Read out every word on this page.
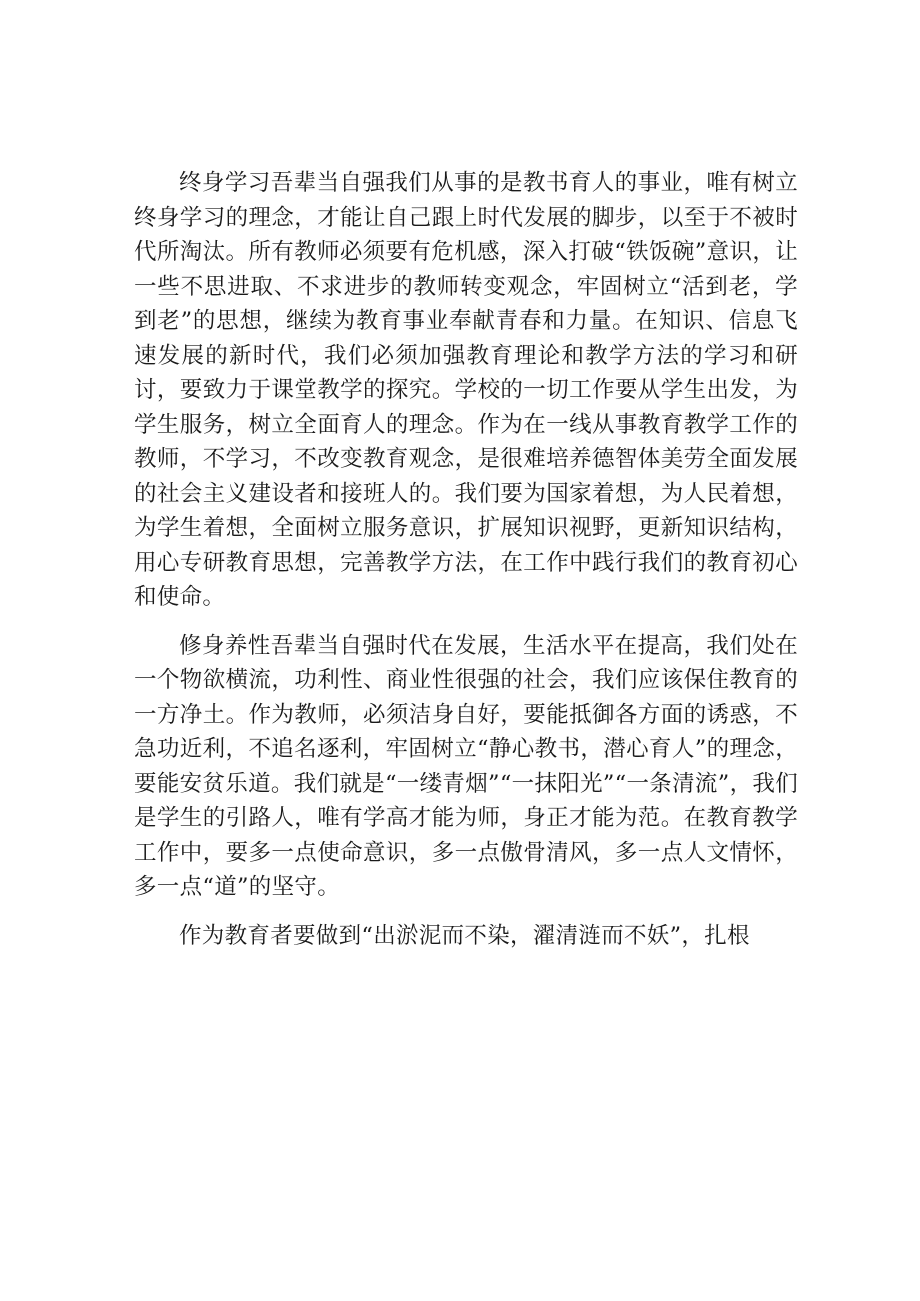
终身学习吾辈当自强我们从事的是教书育人的事业，唯有树立终身学习的理念，才能让自己跟上时代发展的脚步，以至于不被时代所淘汰。所有教师必须要有危机感，深入打破“铁饭碗”意识，让一些不思进取、不求进步的教师转变观念，牢固树立“活到老，学到老”的思想，继续为教育事业奉献青春和力量。在知识、信息飞速发展的新时代，我们必须加强教育理论和教学方法的学习和研讨，要致力于课堂教学的探究。学校的一切工作要从学生出发，为学生服务，树立全面育人的理念。作为在一线从事教育教学工作的教师，不学习，不改变教育观念，是很难培养德智体美劳全面发展的社会主义建设者和接班人的。我们要为国家着想，为人民着想，为学生着想，全面树立服务意识，扩展知识视野，更新知识结构，用心专研教育思想，完善教学方法，在工作中践行我们的教育初心和使命。

修身养性吾辈当自强时代在发展，生活水平在提高，我们处在一个物欲横流，功利性、商业性很强的社会，我们应该保住教育的一方净土。作为教师，必须洁身自好，要能抵御各方面的诱惑，不急功近利，不追名逐利，牢固树立“静心教书，潜心育人”的理念，要能安贫乐道。我们就是“一缕青烟”“一抹阳光”“一条清流”，我们是学生的引路人，唯有学高才能为师，身正才能为范。在教育教学工作中，要多一点使命意识，多一点傲骨清风，多一点人文情怀，多一点“道”的坚守。

作为教育者要做到“出淤泥而不染，濯清涟而不妖”，扎根
